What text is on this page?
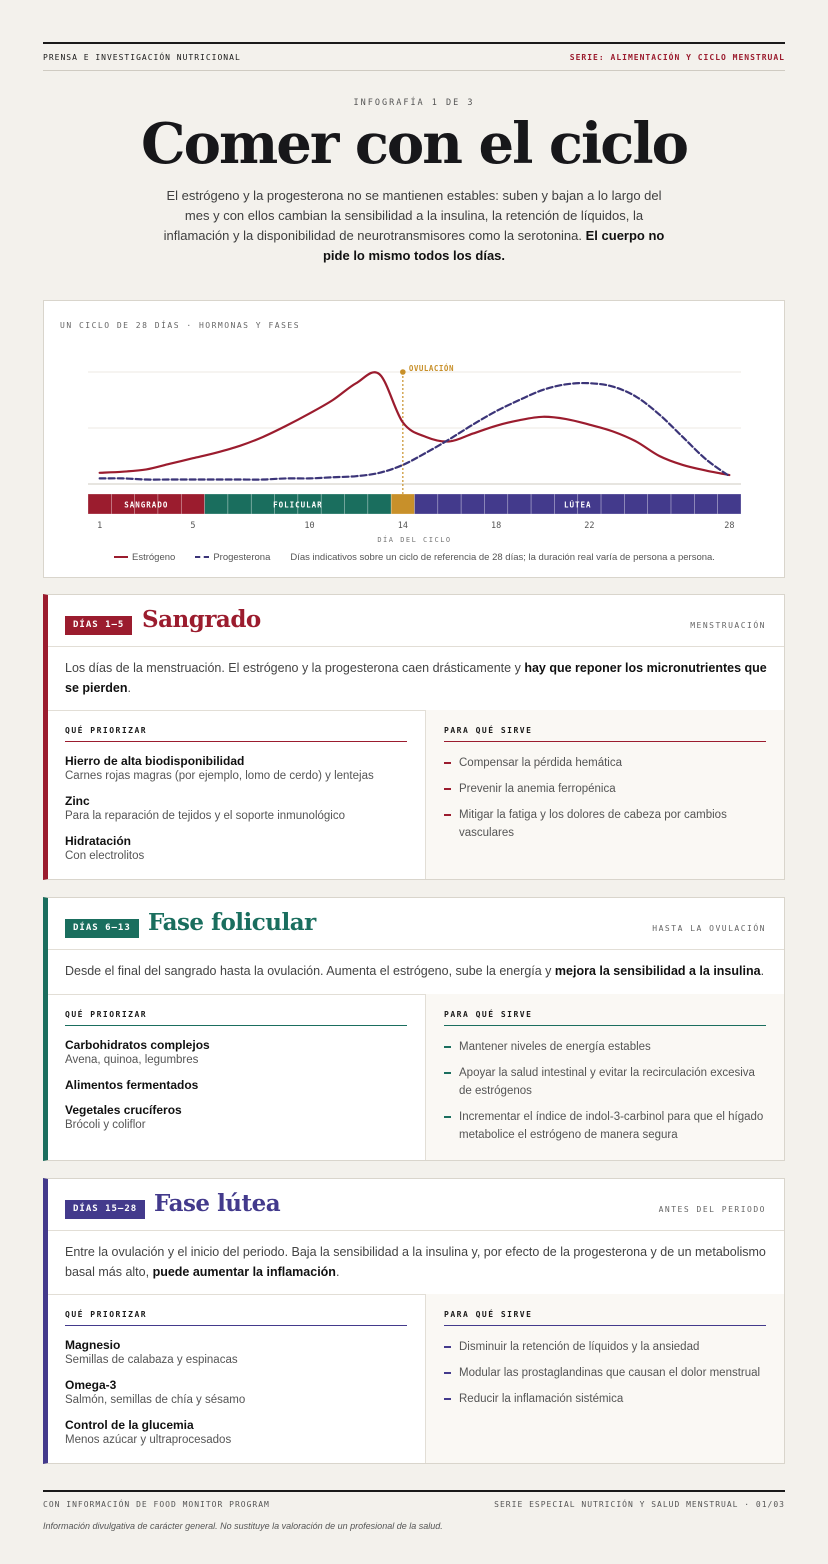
PRENSA E INVESTIGACIÓN NUTRICIONAL	SERIE: ALIMENTACIÓN Y CICLO MENSTRUAL
INFOGRAFÍA 1 DE 3
Comer con el ciclo

El estrógeno y la progesterona no se mantienen estables: suben y bajan a lo largo del mes y con ellos cambian la sensibilidad a la insulina, la retención de líquidos, la inflamación y la disponibilidad de neurotransmisores como la serotonina. El cuerpo no pide lo mismo todos los días.

UN CICLO DE 28 DÍAS · HORMONAS Y FASES
SANGRADO	FOLICULAR	LÚTEA
OVULACIÓN
1	5	10	14	18	22	28
DÍA DEL CICLO
Estrógeno	Progesterona Días indicativos sobre un ciclo de referencia de 28 días; la duración real varía de persona a persona.
DÍAS 1–5 Sangrado	MENSTRUACIÓN
Los días de la menstruación. El estrógeno y la progesterona caen drásticamente y hay que reponer los micronutrientes que se pierden.
QUÉ PRIORIZAR
Hierro de alta biodisponibilidad
Carnes rojas magras (por ejemplo, lomo de cerdo) y lentejas
Zinc
Para la reparación de tejidos y el soporte inmunológico
Hidratación
Con electrolitos
PARA QUÉ SIRVE
Compensar la pérdida hemática
Prevenir la anemia ferropénica
Mitigar la fatiga y los dolores de cabeza por cambios vasculares
DÍAS 6–13 Fase folicular	HASTA LA OVULACIÓN
Desde el final del sangrado hasta la ovulación. Aumenta el estrógeno, sube la energía y mejora la sensibilidad a la insulina.
QUÉ PRIORIZAR
Carbohidratos complejos
Avena, quinoa, legumbres
Alimentos fermentados
Vegetales crucíferos
Brócoli y coliflor
PARA QUÉ SIRVE
Mantener niveles de energía estables
Apoyar la salud intestinal y evitar la recirculación excesiva de estrógenos
Incrementar el índice de indol-3-carbinol para que el hígado metabolice el estrógeno de manera segura
DÍAS 15–28 Fase lútea	ANTES DEL PERIODO
Entre la ovulación y el inicio del periodo. Baja la sensibilidad a la insulina y, por efecto de la progesterona y de un metabolismo basal más alto, puede aumentar la inflamación.
QUÉ PRIORIZAR
Magnesio
Semillas de calabaza y espinacas
Omega-3
Salmón, semillas de chía y sésamo
Control de la glucemia
Menos azúcar y ultraprocesados
PARA QUÉ SIRVE
Disminuir la retención de líquidos y la ansiedad
Modular las prostaglandinas que causan el dolor menstrual
Reducir la inflamación sistémica
CON INFORMACIÓN DE FOOD MONITOR PROGRAM	SERIE ESPECIAL NUTRICIÓN Y SALUD MENSTRUAL · 01/03
Información divulgativa de carácter general. No sustituye la valoración de un profesional de la salud.
